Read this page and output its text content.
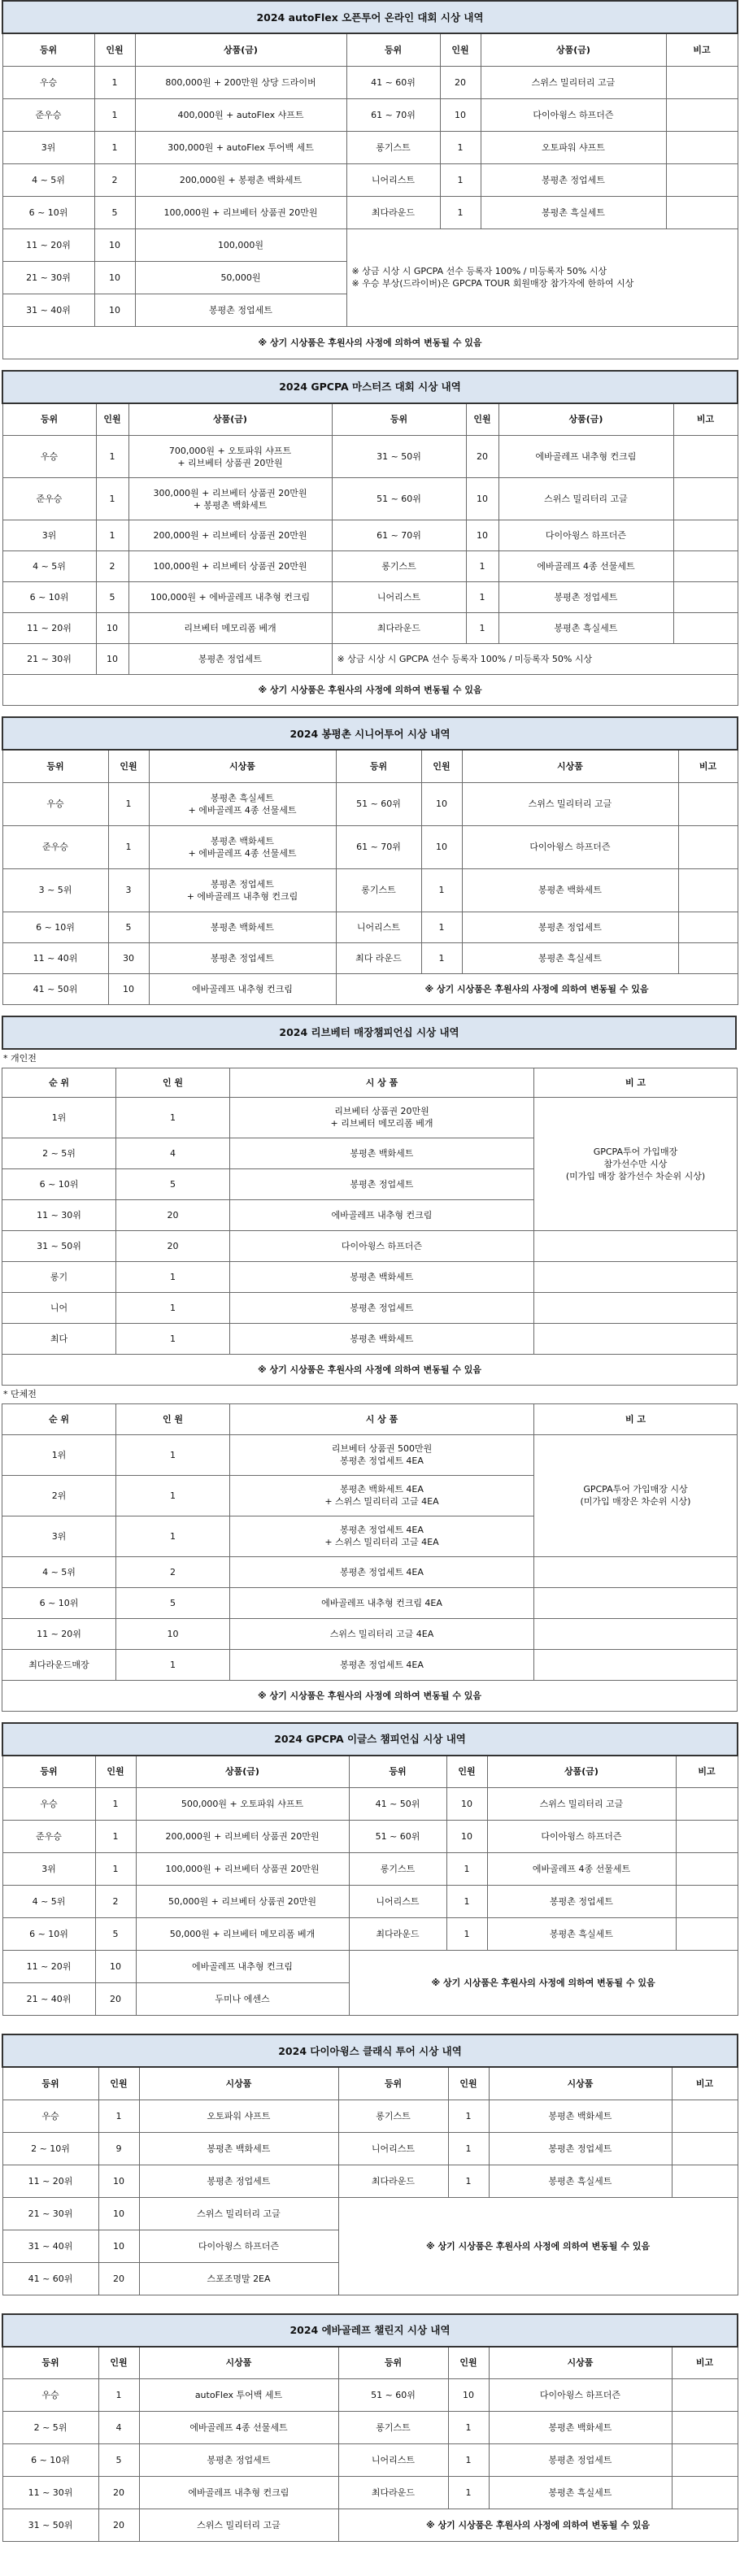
2024 autoFlex 오픈투어 온라인 대회 시상 내역						
등위	인원	상품(금)	등위	인원	상품(금)	비고
우승	1	800,000원 + 200만원 상당 드라이버	41 ~ 60위	20	스위스 밀리터리 고글	
준우승	1	400,000원 + autoFlex 샤프트	61 ~ 70위	10	다이아윙스 하프더즌	
3위	1	300,000원 + autoFlex 투어백 세트	롱기스트	1	오토파워 샤프트	
4 ~ 5위	2	200,000원 + 봉평촌 백화세트	니어리스트	1	봉평촌 정업세트	
6 ~ 10위	5	100,000원 + 리브베터 상품권 20만원	최다라운드	1	봉평촌 흑실세트	
11 ~ 20위	10	100,000원	※ 상금 시상 시 GPCPA 선수 등록자 100% / 미등록자 50% 시상
※ 우승 부상(드라이버)은 GPCPA TOUR 회원매장 참가자에 한하여 시상			

21 ~ 30위	10	50,000원				
31 ~ 40위	10	봉평촌 정업세트				
※ 상기 시상품은 후원사의 사정에 의하여 변동될 수 있음						
2024 GPCPA 마스터즈 대회 시상 내역						
등위	인원	상품(금)	등위	인원	상품(금)	비고
우승	1	700,000원 + 오토파워 샤프트
+ 리브베터 상품권 20만원	31 ~ 50위	20	에바골레프 내추형 컨크림	
준우승	1	300,000원 + 리브베터 상품권 20만원
+ 봉평촌 백화세트	51 ~ 60위	10	스위스 밀리터리 고글	
3위	1	200,000원 + 리브베터 상품권 20만원	61 ~ 70위	10	다이아윙스 하프더즌	
4 ~ 5위	2	100,000원 + 리브베터 상품권 20만원	롱기스트	1	에바골레프 4종 선물세트	
6 ~ 10위	5	100,000원 + 에바골레프 내추형 컨크림	니어리스트	1	봉평촌 정업세트	
11 ~ 20위	10	리브베터 메모리폼 베개	최다라운드	1	봉평촌 흑실세트	
21 ~ 30위	10	봉평촌 정업세트	※ 상금 시상 시 GPCPA 선수 등록자 100% / 미등록자 50% 시상			
※ 상기 시상품은 후원사의 사정에 의하여 변동될 수 있음						
2024 봉평촌 시니어투어 시상 내역						
등위	인원	시상품	등위	인원	시상품	비고
우승	1	봉평촌 흑실세트
+ 에바골레프 4종 선물세트	51 ~ 60위	10	스위스 밀리터리 고글	
준우승	1	봉평촌 백화세트
+ 에바골레프 4종 선물세트	61 ~ 70위	10	다이아윙스 하프더즌	
3 ~ 5위	3	봉평촌 정업세트
+ 에바골레프 내추형 컨크림	롱기스트	1	봉평촌 백화세트	
6 ~ 10위	5	봉평촌 백화세트	니어리스트	1	봉평촌 정업세트	
11 ~ 40위	30	봉평촌 정업세트	최다 라운드	1	봉평촌 흑실세트	
41 ~ 50위	10	에바골레프 내추형 컨크림	※ 상기 시상품은 후원사의 사정에 의하여 변동될 수 있음			
2024 리브베터 매장챔피언십 시상 내역
* 개인전
순 위	인 원	시 상 품	비 고
1위	1	리브베터 상품권 20만원
+ 리브베터 메모리폼 베개	GPCPA투어 가입매장
참가선수만 시상
(미가입 매장 참가선수 차순위 시상)
2 ~ 5위	4	봉평촌 백화세트	
6 ~ 10위	5	봉평촌 정업세트	
11 ~ 30위	20	에바골레프 내추형 컨크림	
31 ~ 50위	20	다이아윙스 하프더즌	
롱기	1	봉평촌 백화세트	
니어	1	봉평촌 정업세트	
최다	1	봉평촌 백화세트	
※ 상기 시상품은 후원사의 사정에 의하여 변동될 수 있음			
* 단체전
순 위	인 원	시 상 품	비 고
1위	1	리브베터 상품권 500만원
봉평촌 정업세트 4EA	GPCPA투어 가입매장 시상
(미가입 매장은 차순위 시상)
2위	1	봉평촌 백화세트 4EA
+ 스위스 밀리터리 고글 4EA	
3위	1	봉평촌 정업세트 4EA
+ 스위스 밀리터리 고글 4EA	
4 ~ 5위	2	봉평촌 정업세트 4EA	
6 ~ 10위	5	에바골레프 내추형 컨크림 4EA	
11 ~ 20위	10	스위스 밀리터리 고글 4EA	
최다라운드매장	1	봉평촌 정업세트 4EA	
※ 상기 시상품은 후원사의 사정에 의하여 변동될 수 있음			
2024 GPCPA 이글스 챔피언십 시상 내역						
등위	인원	상품(금)	등위	인원	상품(금)	비고
우승	1	500,000원 + 오토파워 샤프트	41 ~ 50위	10	스위스 밀리터리 고글	
준우승	1	200,000원 + 리브베터 상품권 20만원	51 ~ 60위	10	다이아윙스 하프더즌	
3위	1	100,000원 + 리브베터 상품권 20만원	롱기스트	1	에바골레프 4종 선물세트	
4 ~ 5위	2	50,000원 + 리브베터 상품권 20만원	니어리스트	1	봉평촌 정업세트	
6 ~ 10위	5	50,000원 + 리브베터 메모리폼 베개	최다라운드	1	봉평촌 흑실세트	
11 ~ 20위	10	에바골레프 내추형 컨크림	※ 상기 시상품은 후원사의 사정에 의하여 변동될 수 있음			
21 ~ 40위	20	두미나 에센스				
2024 다이아윙스 클래식 투어 시상 내역						
등위	인원	시상품	등위	인원	시상품	비고
우승	1	오토파워 샤프트	롱기스트	1	봉평촌 백화세트	
2 ~ 10위	9	봉평촌 백화세트	니어리스트	1	봉평촌 정업세트	
11 ~ 20위	10	봉평촌 정업세트	최다라운드	1	봉평촌 흑실세트	
21 ~ 30위	10	스위스 밀리터리 고글	※ 상기 시상품은 후원사의 사정에 의하여 변동될 수 있음			
31 ~ 40위	10	다이아윙스 하프더즌				
41 ~ 60위	20	스포조명말 2EA				
2024 에바골레프 챌린지 시상 내역						
등위	인원	시상품	등위	인원	시상품	비고
우승	1	autoFlex 투어백 세트	51 ~ 60위	10	다이아윙스 하프더즌	
2 ~ 5위	4	에바골레프 4종 선물세트	롱기스트	1	봉평촌 백화세트	
6 ~ 10위	5	봉평촌 정업세트	니어리스트	1	봉평촌 정업세트	
11 ~ 30위	20	에바골레프 내추형 컨크림	최다라운드	1	봉평촌 흑실세트	
31 ~ 50위	20	스위스 밀리터리 고글	※ 상기 시상품은 후원사의 사정에 의하여 변동될 수 있음			
